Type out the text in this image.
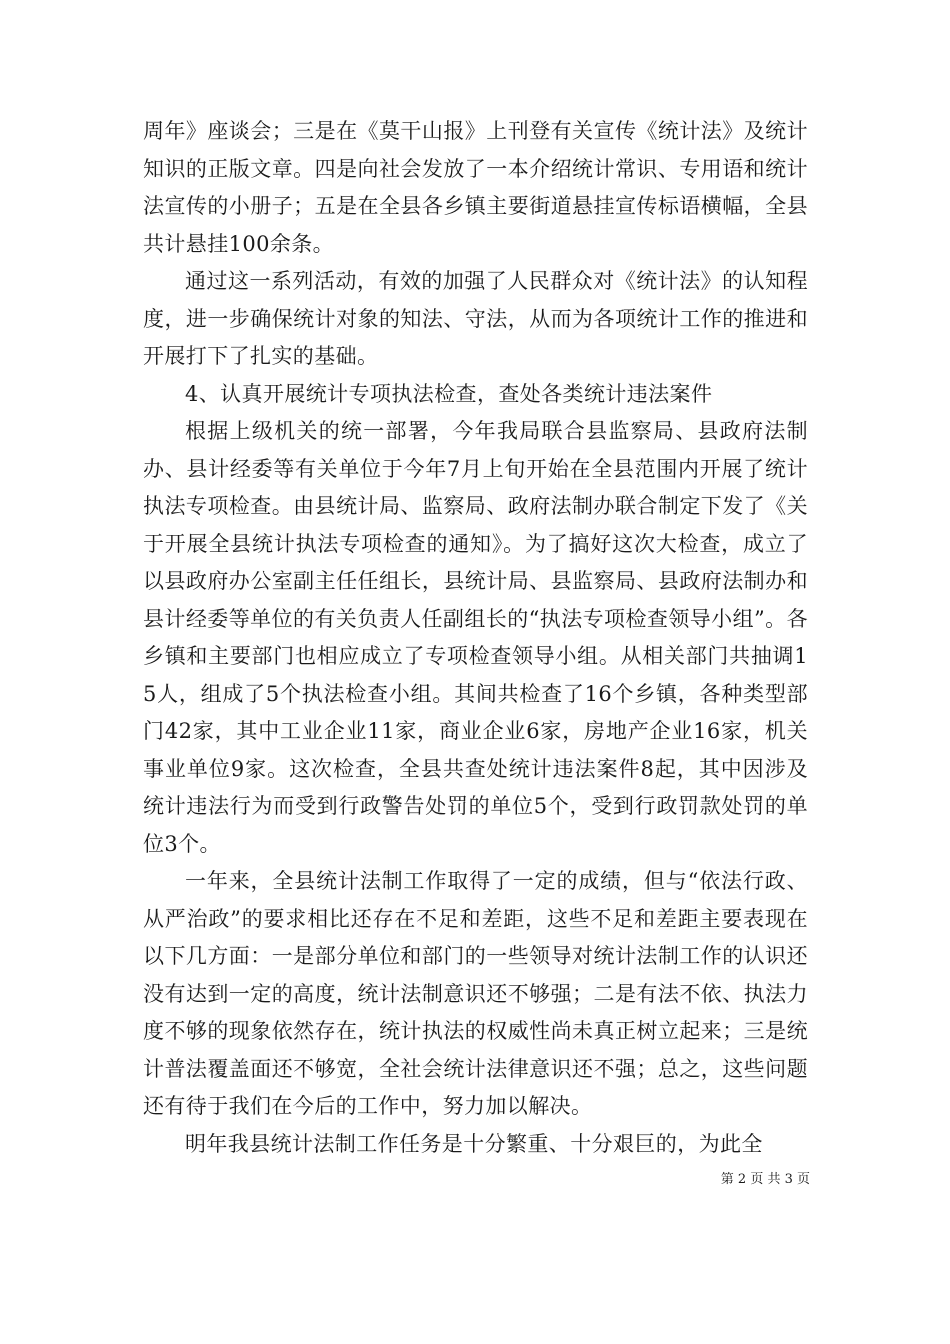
周年》座谈会；三是在《莫干山报》上刊登有关宣传《统计法》及统计知识的正版文章。四是向社会发放了一本介绍统计常识、专用语和统计法宣传的小册子；五是在全县各乡镇主要街道悬挂宣传标语横幅，全县共计悬挂100余条。

通过这一系列活动，有效的加强了人民群众对《统计法》的认知程度，进一步确保统计对象的知法、守法，从而为各项统计工作的推进和开展打下了扎实的基础。

4、认真开展统计专项执法检查，查处各类统计违法案件

根据上级机关的统一部署，今年我局联合县监察局、县政府法制办、县计经委等有关单位于今年7月上旬开始在全县范围内开展了统计执法专项检查。由县统计局、监察局、政府法制办联合制定下发了《关于开展全县统计执法专项检查的通知》。为了搞好这次大检查，成立了以县政府办公室副主任任组长，县统计局、县监察局、县政府法制办和县计经委等单位的有关负责人任副组长的“执法专项检查领导小组”。各乡镇和主要部门也相应成立了专项检查领导小组。从相关部门共抽调15人，组成了5个执法检查小组。其间共检查了16个乡镇，各种类型部门42家，其中工业企业11家，商业企业6家，房地产企业16家，机关事业单位9家。这次检查，全县共查处统计违法案件8起，其中因涉及统计违法行为而受到行政警告处罚的单位5个，受到行政罚款处罚的单位3个。

一年来，全县统计法制工作取得了一定的成绩，但与“依法行政、从严治政”的要求相比还存在不足和差距，这些不足和差距主要表现在以下几方面：一是部分单位和部门的一些领导对统计法制工作的认识还没有达到一定的高度，统计法制意识还不够强；二是有法不依、执法力度不够的现象依然存在，统计执法的权威性尚未真正树立起来；三是统计普法覆盖面还不够宽，全社会统计法律意识还不强；总之，这些问题还有待于我们在今后的工作中，努力加以解决。

明年我县统计法制工作任务是十分繁重、十分艰巨的，为此全

第 2 页 共 3 页
